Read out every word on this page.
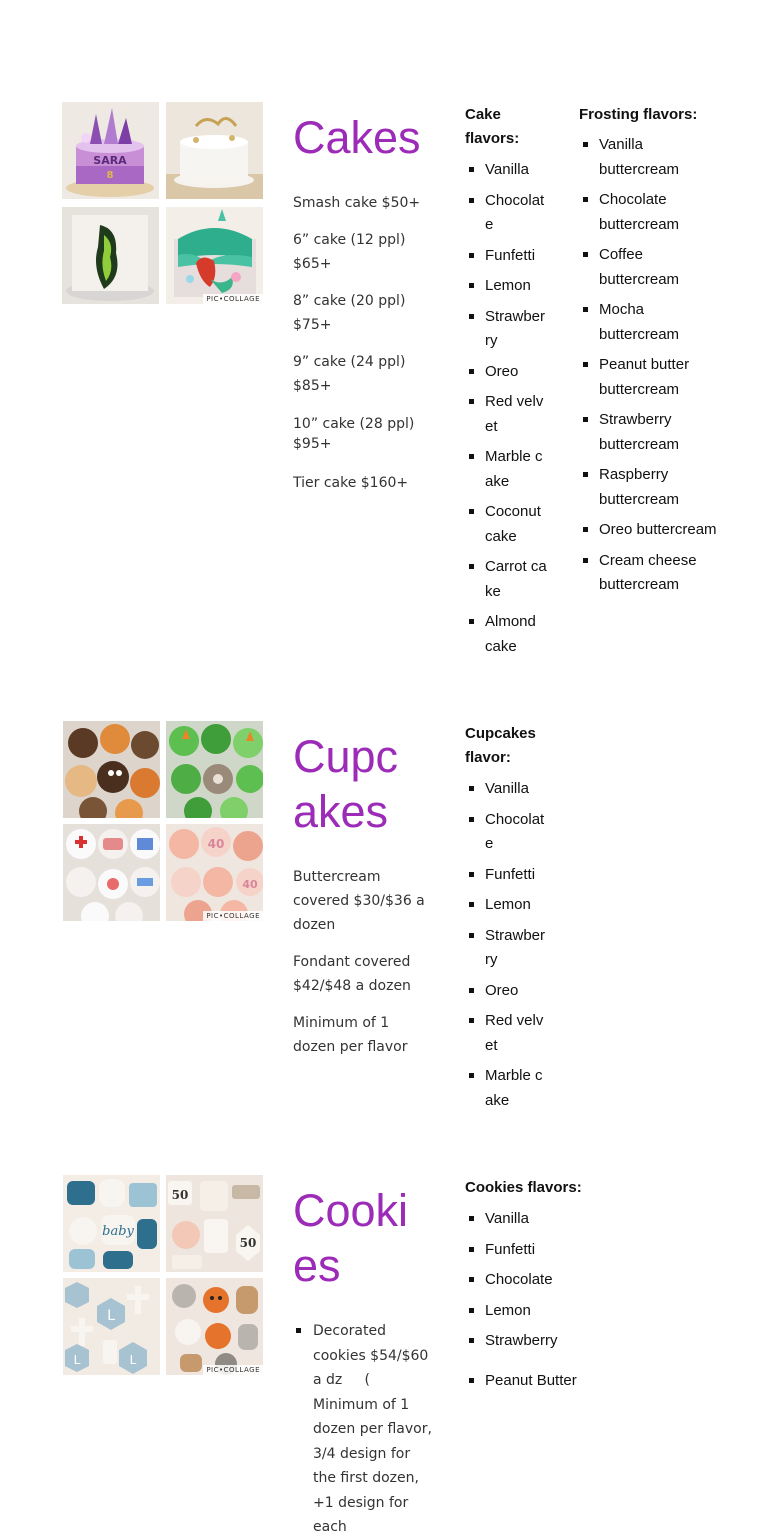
SARA
8
PIC•COLLAGE
Cakes

Smash cake $50+

6” cake (12 ppl) $65+

8” cake (20 ppl) $75+

9” cake (24 ppl) $85+

10” cake (28 ppl) $95+

Tier cake $160+

Cake flavors:

Vanilla
Chocolate
Funfetti
Lemon
Strawberry
Oreo
Red velvet
Marble cake
Coconut cake
Carrot cake
Almond cake

Frosting flavors:

Vanilla buttercream
Chocolate buttercream
Coffee buttercream
Mocha buttercream
Peanut butter buttercream
Strawberry buttercream
Raspberry buttercream
Oreo buttercream
Cream cheese buttercream
40
40
PIC•COLLAGE
Cupcakes

Buttercream covered $30/$36 a dozen

Fondant covered $42/$48 a dozen

Minimum of 1 dozen per flavor

Cupcakes flavor:

Vanilla
Chocolate
Funfetti
Lemon
Strawberry
Oreo
Red velvet
Marble cake
baby
50
50
L
L	L
PIC•COLLAGE
Cookies
Decorated cookies $54/$60 a dz     ( Minimum of 1 dozen per flavor,  3/4 design for the first dozen,         +1 design for each

Cookies flavors:

Vanilla
Funfetti
Chocolate
Lemon
Strawberry
Peanut Butter
